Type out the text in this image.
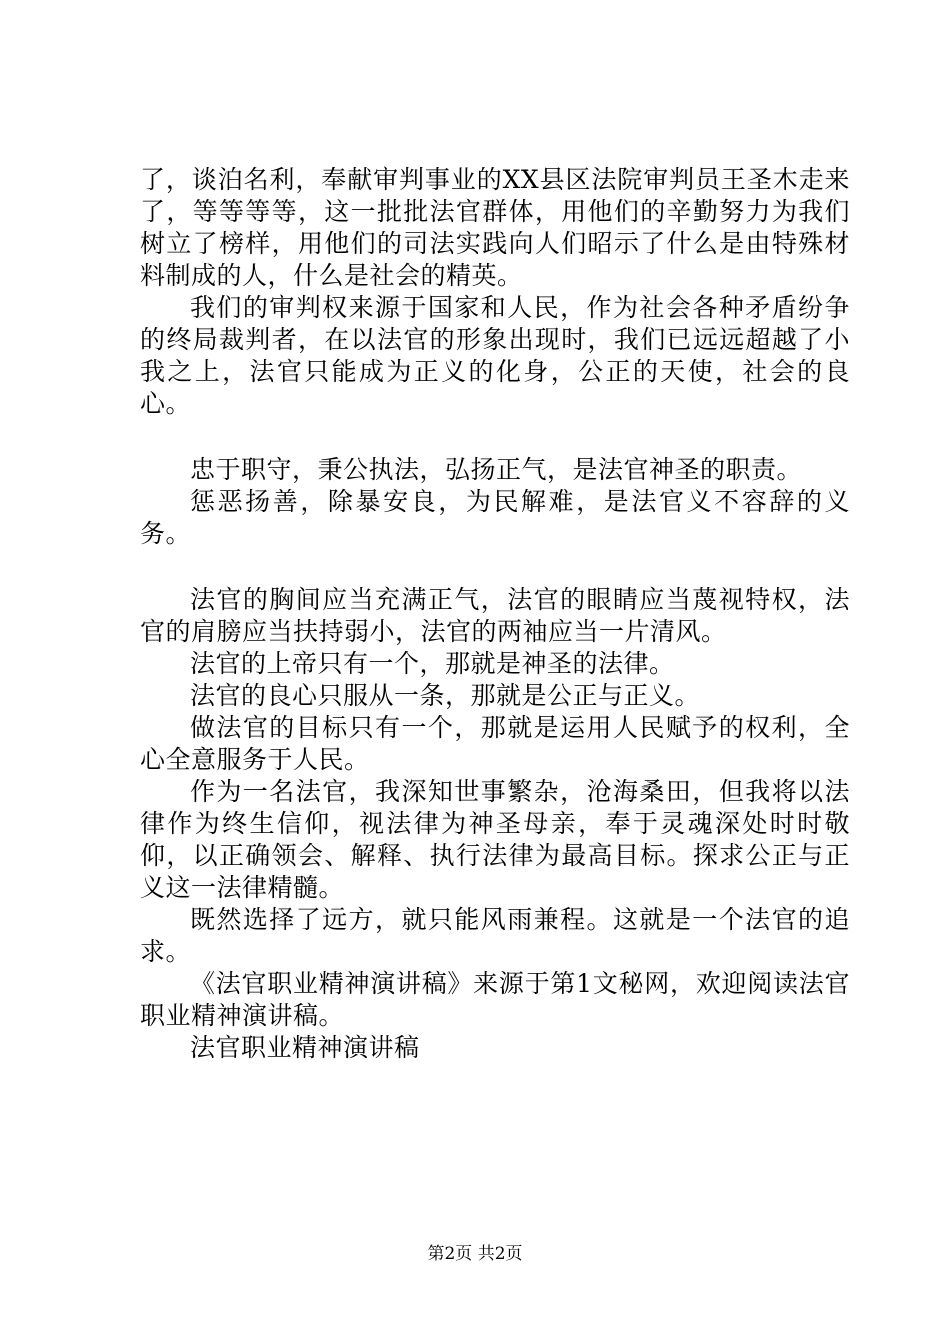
了，谈泊名利，奉献审判事业的XX县区法院审判员王圣木走来了，等等等等，这一批批法官群体，用他们的辛勤努力为我们树立了榜样，用他们的司法实践向人们昭示了什么是由特殊材料制成的人，什么是社会的精英。

我们的审判权来源于国家和人民，作为社会各种矛盾纷争的终局裁判者，在以法官的形象出现时，我们已远远超越了小我之上，法官只能成为正义的化身，公正的天使，社会的良心。

忠于职守，秉公执法，弘扬正气，是法官神圣的职责。

惩恶扬善，除暴安良，为民解难，是法官义不容辞的义务。

法官的胸间应当充满正气，法官的眼睛应当蔑视特权，法官的肩膀应当扶持弱小，法官的两袖应当一片清风。

法官的上帝只有一个，那就是神圣的法律。

法官的良心只服从一条，那就是公正与正义。

做法官的目标只有一个，那就是运用人民赋予的权利，全心全意服务于人民。

作为一名法官，我深知世事繁杂，沧海桑田，但我将以法律作为终生信仰，视法律为神圣母亲，奉于灵魂深处时时敬仰，以正确领会、解释、执行法律为最高目标。探求公正与正义这一法律精髓。

既然选择了远方，就只能风雨兼程。这就是一个法官的追求。

《法官职业精神演讲稿》来源于第1文秘网，欢迎阅读法官职业精神演讲稿。

法官职业精神演讲稿

第2页 共2页
